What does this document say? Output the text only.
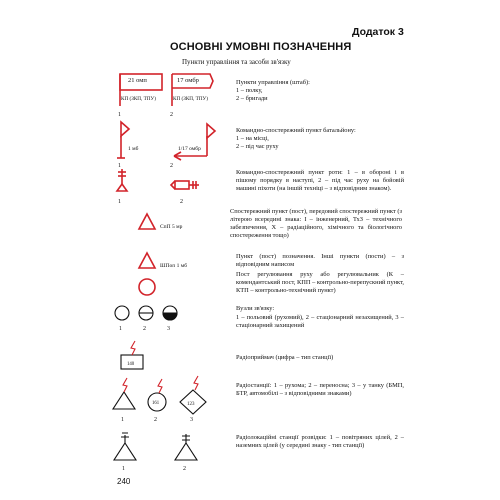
Додаток 3
ОСНОВНІ УМОВНІ ПОЗНАЧЕННЯ
Пункти управління та засоби зв'язку
Пункти управління (штаб):
1 – полку,
2 – бригади
Командно-спостережний пункт батальйону:
1 – на місці,
2 – під час руху
Командно-спостережний пункт роти: 1 – в обороні і в пішому порядку в наступі, 2 – під час руху на бойовій машині піхоти (на іншій техніці – з відповідним знаком).
Спостережний пункт (пост), передовий спостережний пункт (з літерою всередині знака: І – інженерний, ТхЗ – технічного забезпечення, Х – радіаційного, хімічного та біологічного спостереження тощо)
Пункт (пост) позначення. Інші пункти (пости) – з відповідним написом
Пост регулювання руху або регулювальник (К – комендантський пост, КПП – контрольно-перепускний пункт, КТП – контрольно-технічний пункт)
Вузли зв'язку:
1 – польовий (рухомий), 2 – стаціонарний незахищений, 3 – стаціонарний захищений
Радіоприймач (цифра – тип станції)
Радіостанції: 1 – рухома; 2 – переносна; 3 – у танку (БМП, БТР, автомобілі – з відповідними знаками)
Радіолокаційні станції розвідки: 1 – повітряних цілей, 2 – наземних цілей (у середині знаку - тип станції)
240
21 омп
КП (ЗКП, ТПУ)
17 омбр
КП (ЗКП, ТПУ)
1	2
1 мб	1/17 омбр
1	2
1	2
СпП 5 мр
ШПоп 1 мб
1	2	3
140
161	123
1	2	3
1	2
